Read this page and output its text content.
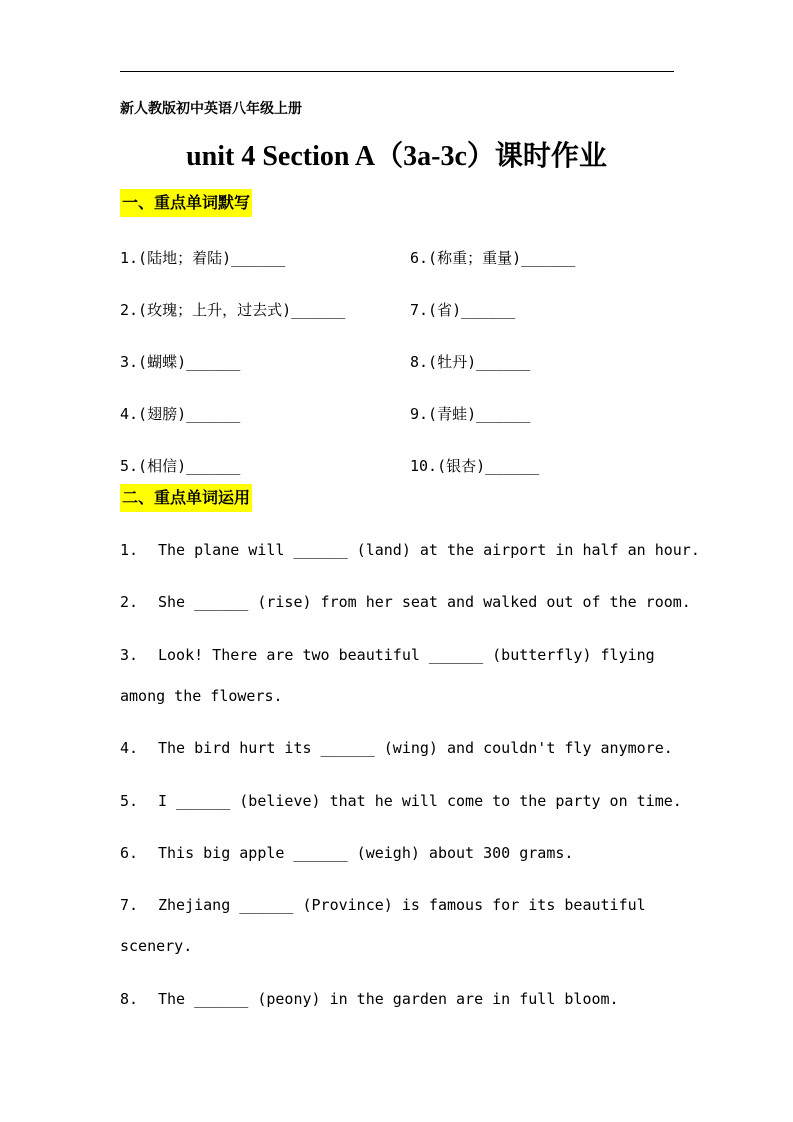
新人教版初中英语八年级上册
unit 4 Section A（3a-3c）课时作业
一、重点单词默写
1.(陆地；着陆)______
2.(玫瑰；上升，过去式)______
3.(蝴蝶)______
4.(翅膀)______
5.(相信)______
6.(称重；重量)______
7.(省)______
8.(牡丹)______
9.(青蛙)______
10.(银杏)______
二、重点单词运用
1. The plane will ______ (land) at the airport in half an hour.
2. She ______ (rise) from her seat and walked out of the room.
3. Look! There are two beautiful ______ (butterfly) flying
among the flowers.
4. The bird hurt its ______ (wing) and couldn't fly anymore.
5. I ______ (believe) that he will come to the party on time.
6. This big apple ______ (weigh) about 300 grams.
7. Zhejiang ______ (Province) is famous for its beautiful
scenery.
8. The ______ (peony) in the garden are in full bloom.
